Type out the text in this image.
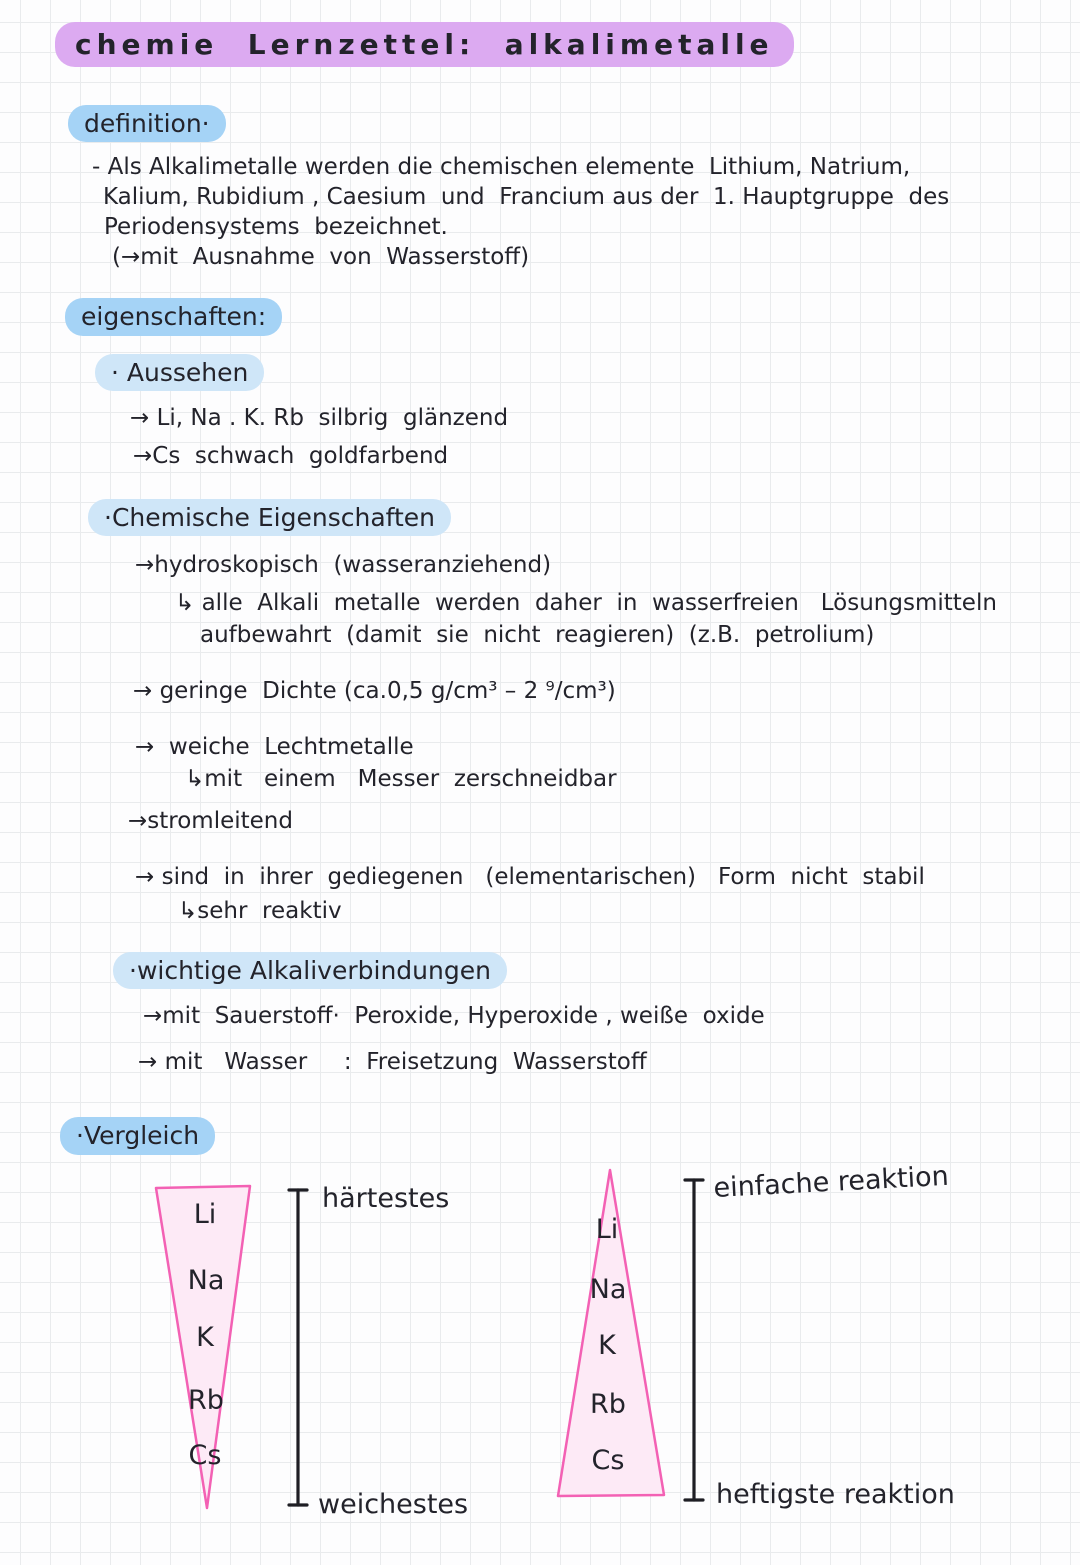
chemie  Lernzettel:  alkalimetalle
definition·
- Als Alkalimetalle werden die chemischen elemente  Lithium, Natrium,
Kalium, Rubidium , Caesium  und  Francium aus der  1. Hauptgruppe  des
Periodensystems  bezeichnet.
(→mit  Ausnahme  von  Wasserstoff)
eigenschaften:
· Aussehen
→ Li, Na . K. Rb  silbrig  glänzend
→Cs  schwach  goldfarbend
·Chemische Eigenschaften
→hydroskopisch  (wasseranziehend)
↳ alle  Alkali  metalle  werden  daher  in  wasserfreien   Lösungsmitteln
aufbewahrt  (damit  sie  nicht  reagieren)  (z.B.  petrolium)
→ geringe  Dichte (ca.0,5 g/cm³ – 2 ⁹/cm³)
→  weiche  Lechtmetalle
↳mit   einem   Messer  zerschneidbar
→stromleitend
→ sind  in  ihrer  gediegenen   (elementarischen)   Form  nicht  stabil
↳sehr  reaktiv
·wichtige Alkaliverbindungen
→mit  Sauerstoff·  Peroxide, Hyperoxide , weiße  oxide
→ mit   Wasser     :  Freisetzung  Wasserstoff
·Vergleich
Li
Na
K
Rb
Cs
härtestes
weichestes
Li
Na
K
Rb
Cs
einfache reaktion
heftigste reaktion
